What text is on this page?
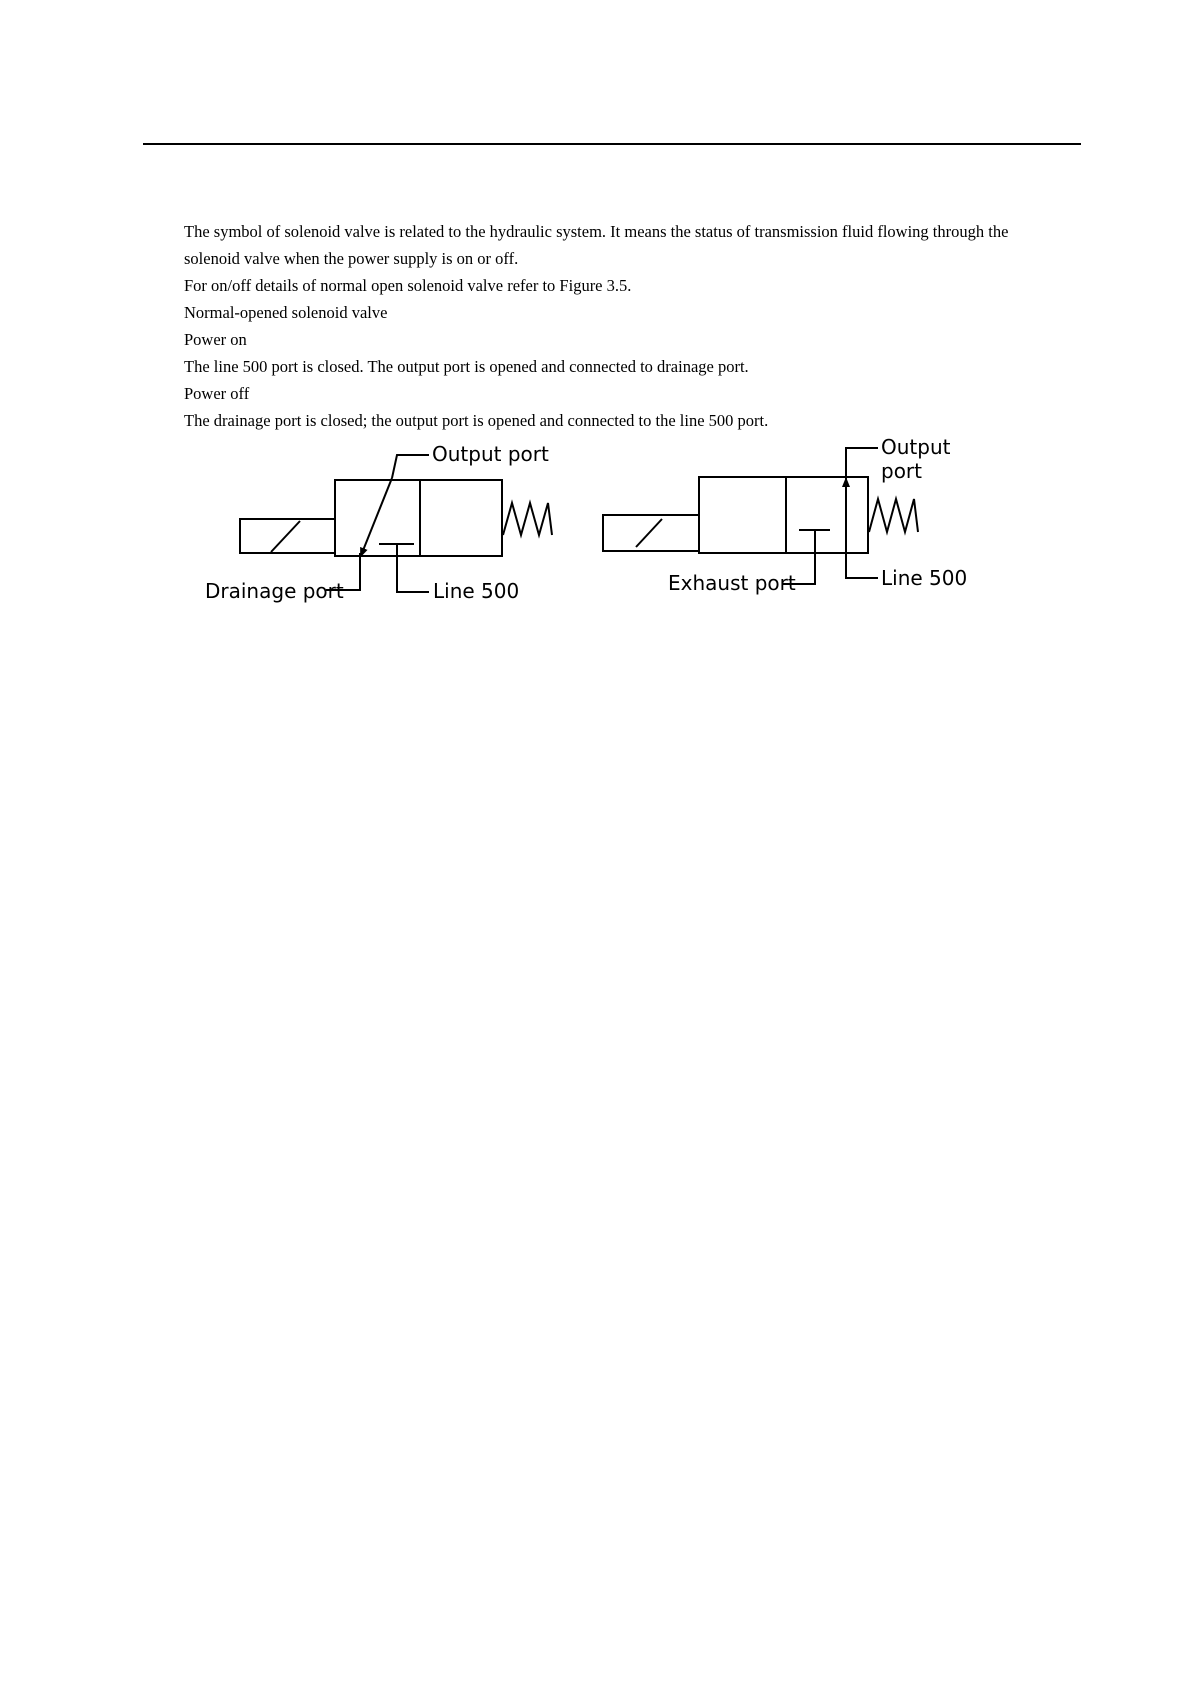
The symbol of solenoid valve is related to the hydraulic system. It means the status of transmission fluid flowing through the

solenoid valve when the power supply is on or off.

For on/off details of normal open solenoid valve refer to Figure 3.5.

Normal-opened solenoid valve

Power on

The line 500 port is closed. The output port is opened and connected to drainage port.

Power off

The drainage port is closed; the output port is opened and connected to the line 500 port.

Output port
Drainage port	Line 500
Output
port
Exhaust port	Line 500
